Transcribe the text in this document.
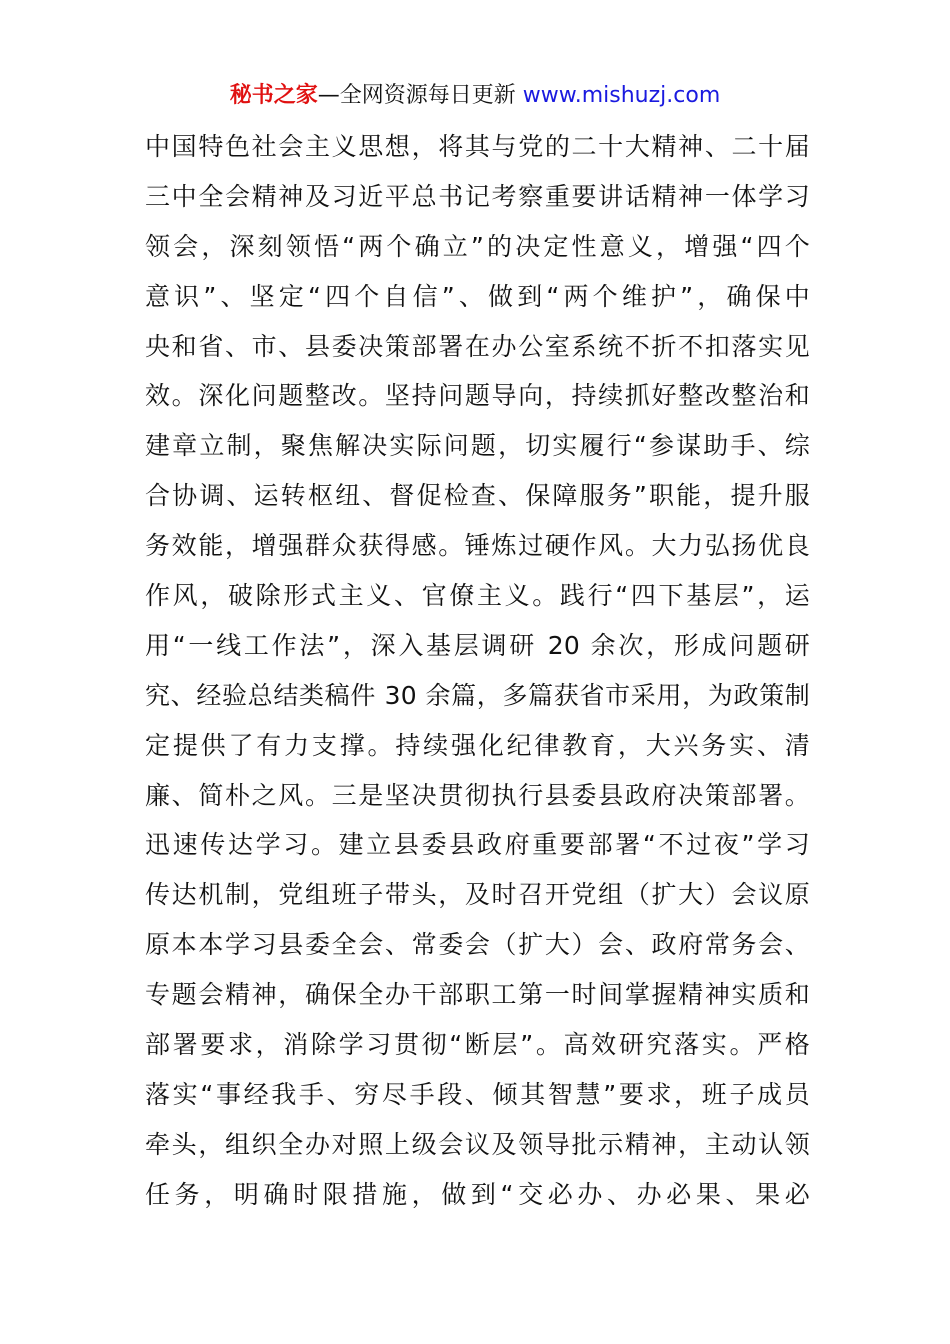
秘书之家—全网资源每日更新 www.mishuzj.com
中国特色社会主义思想，将其与党的二十大精神、二十届
三中全会精神及习近平总书记考察重要讲话精神一体学习
领会，深刻领悟“两个确立”的决定性意义，增强“四个
意识”、坚定“四个自信”、做到“两个维护”，确保中
央和省、市、县委决策部署在办公室系统不折不扣落实见
效。深化问题整改。坚持问题导向，持续抓好整改整治和
建章立制，聚焦解决实际问题，切实履行“参谋助手、综
合协调、运转枢纽、督促检查、保障服务”职能，提升服
务效能，增强群众获得感。锤炼过硬作风。大力弘扬优良
作风，破除形式主义、官僚主义。践行“四下基层”，运
用“一线工作法”，深入基层调研 20 余次，形成问题研
究、经验总结类稿件 30 余篇，多篇获省市采用，为政策制
定提供了有力支撑。持续强化纪律教育，大兴务实、清
廉、简朴之风。三是坚决贯彻执行县委县政府决策部署。
迅速传达学习。建立县委县政府重要部署“不过夜”学习
传达机制，党组班子带头，及时召开党组（扩大）会议原
原本本学习县委全会、常委会（扩大）会、政府常务会、
专题会精神，确保全办干部职工第一时间掌握精神实质和
部署要求，消除学习贯彻“断层”。高效研究落实。严格
落实“事经我手、穷尽手段、倾其智慧”要求，班子成员
牵头，组织全办对照上级会议及领导批示精神，主动认领
任务，明确时限措施，做到“交必办、办必果、果必
